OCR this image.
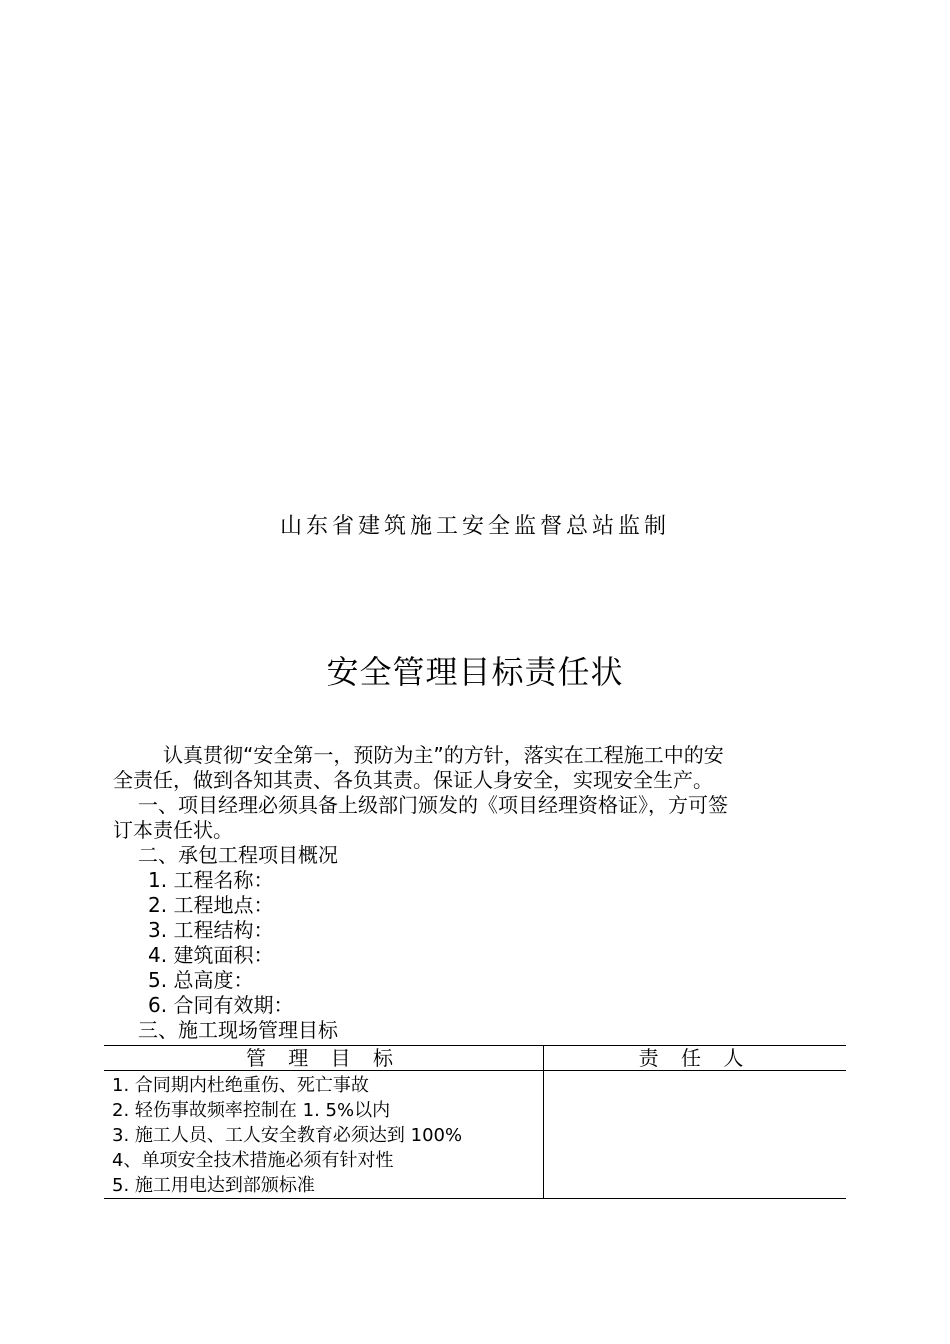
山东省建筑施工安全监督总站监制
安全管理目标责任状
认真贯彻“安全第一，预防为主”的方针，落实在工程施工中的安
全责任，做到各知其责、各负其责。保证人身安全，实现安全生产。
一、项目经理必须具备上级部门颁发的《项目经理资格证》，方可签
订本责任状。
二、承包工程项目概况
1. 工程名称：
2. 工程地点：
3. 工程结构：
4. 建筑面积：
5. 总高度：
6. 合同有效期：
三、施工现场管理目标
管 理 目 标	责 任 人

1. 合同期内杜绝重伤、死亡事故
2. 轻伤事故频率控制在 1. 5%以内
3. 施工人员、工人安全教育必须达到 100%
4、单项安全技术措施必须有针对性
5. 施工用电达到部颁标准	
